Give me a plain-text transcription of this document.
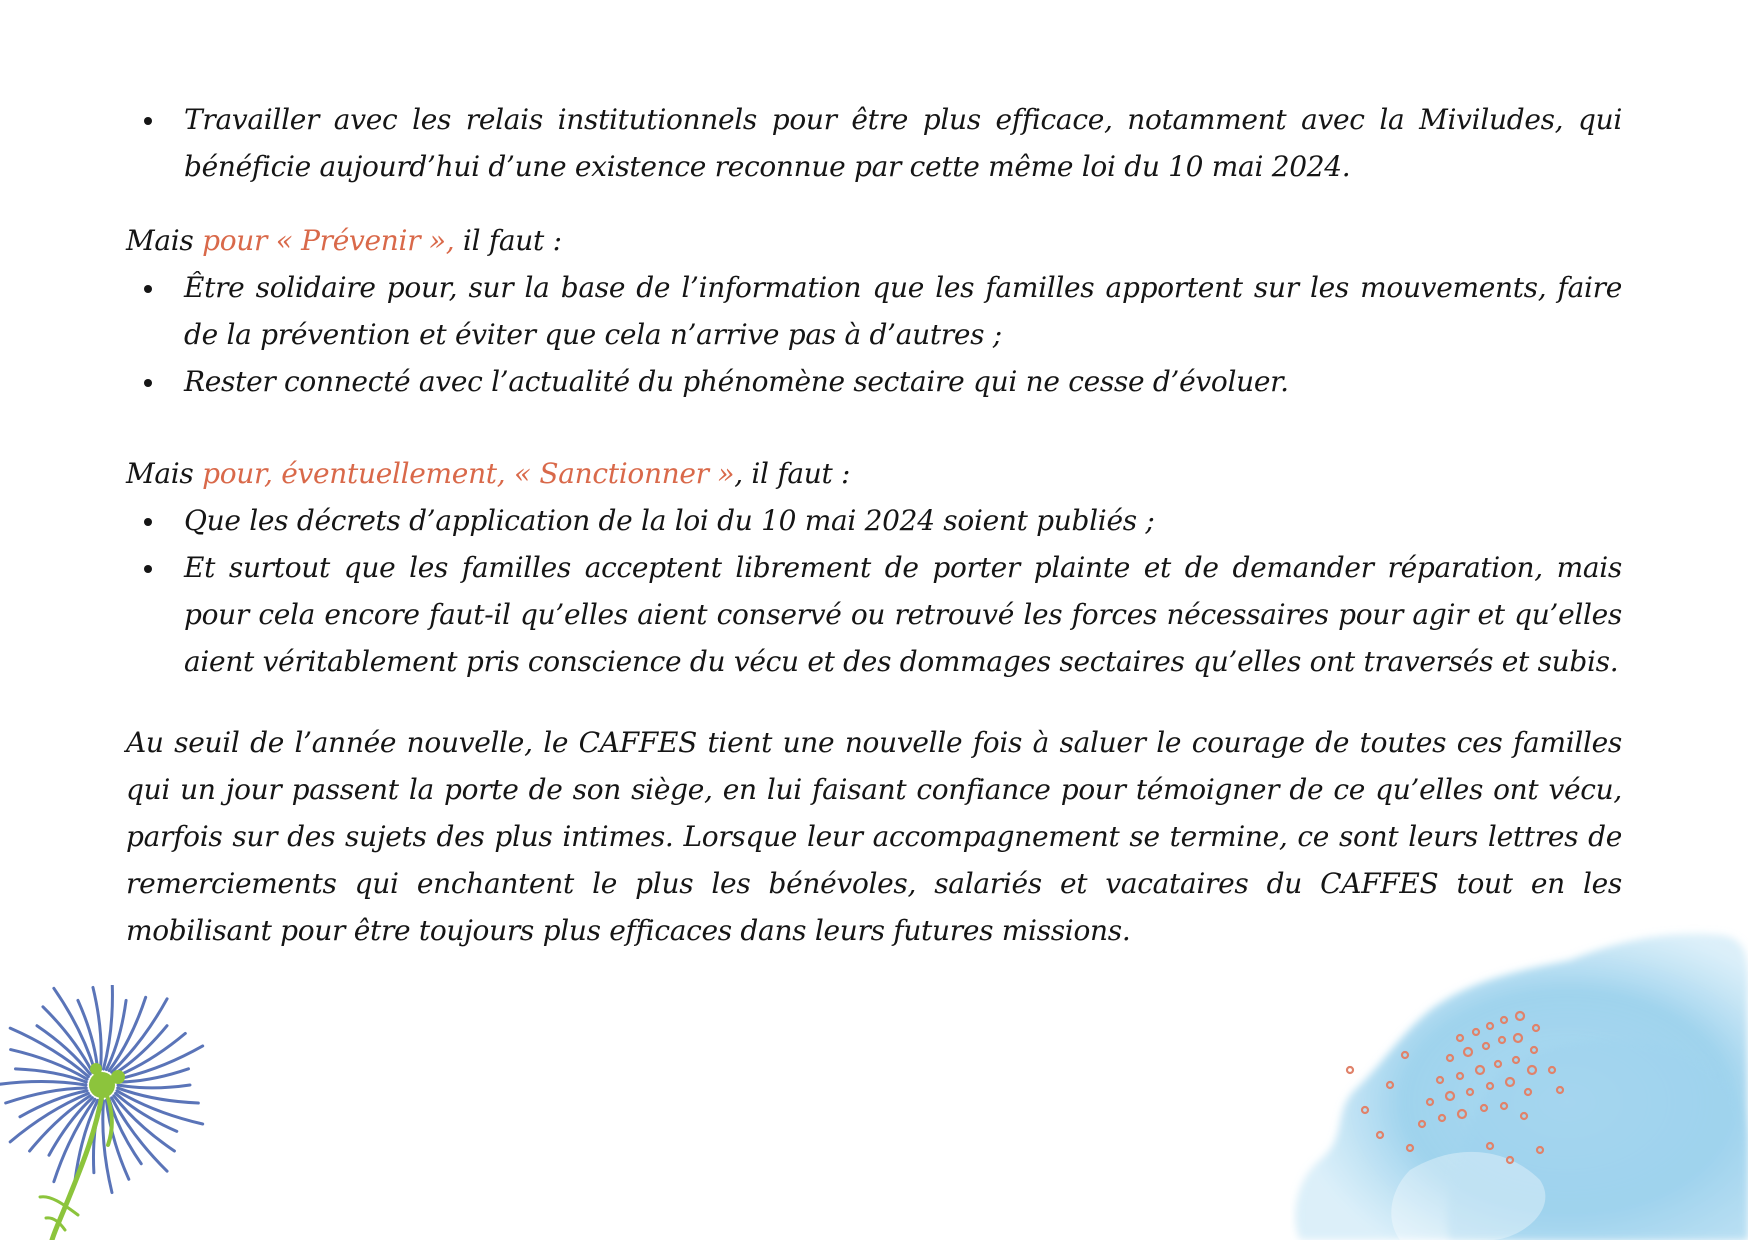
Travailler avec les relais institutionnels pour être plus efficace, notamment avec la Miviludes, qui bénéficie aujourd’hui d’une existence reconnue par cette même loi du 10 mai 2024.

Mais pour « Prévenir », il faut :

Être solidaire pour, sur la base de l’information que les familles apportent sur les mouvements, faire de la prévention et éviter que cela n’arrive pas à d’autres ;
Rester connecté avec l’actualité du phénomène sectaire qui ne cesse d’évoluer.

Mais pour, éventuellement, « Sanctionner », il faut :

Que les décrets d’application de la loi du 10 mai 2024 soient publiés ;
Et surtout que les familles acceptent librement de porter plainte et de demander réparation, mais pour cela encore faut-il qu’elles aient conservé ou retrouvé les forces nécessaires pour agir et qu’elles aient véritablement pris conscience du vécu et des dommages sectaires qu’elles ont traversés et subis.

Au seuil de l’année nouvelle, le CAFFES tient une nouvelle fois à saluer le courage de toutes ces familles qui un jour passent la porte de son siège, en lui faisant confiance pour témoigner de ce qu’elles ont vécu, parfois sur des sujets des plus intimes. Lorsque leur accompagnement se termine, ce sont leurs lettres de remerciements qui enchantent le plus les bénévoles, salariés et vacataires du CAFFES tout en les mobilisant pour être toujours plus efficaces dans leurs futures missions.
